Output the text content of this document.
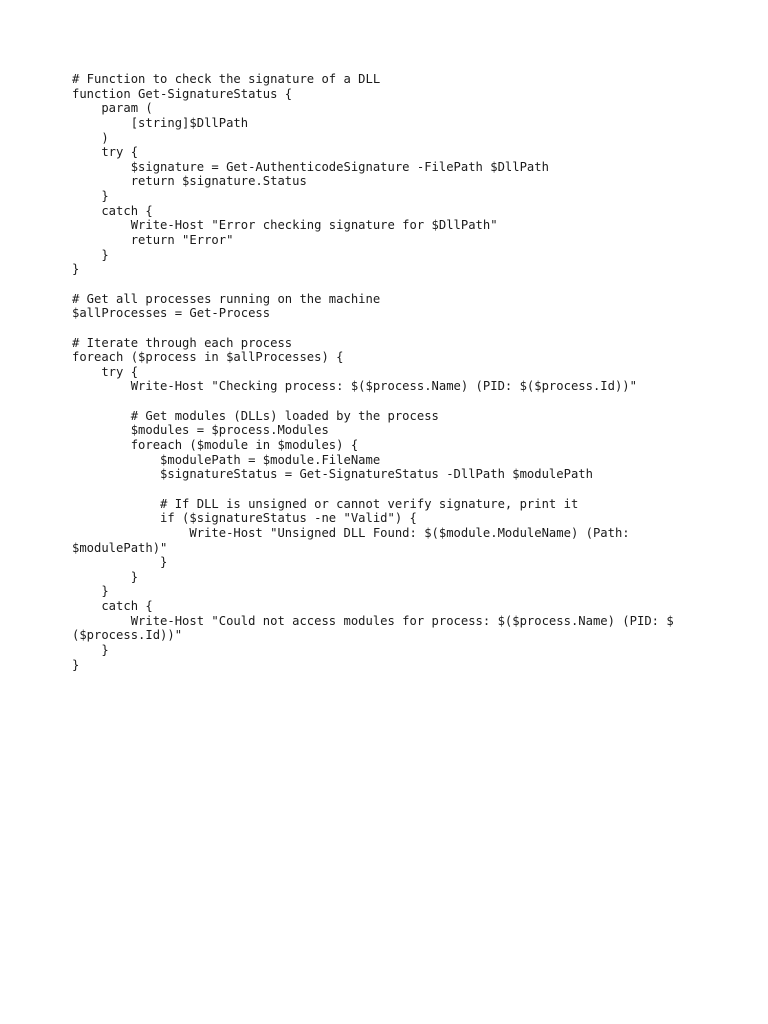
# Function to check the signature of a DLL
function Get-SignatureStatus {
param (
[string]$DllPath
)
try {
$signature = Get-AuthenticodeSignature -FilePath $DllPath
return $signature.Status
}
catch {
Write-Host "Error checking signature for $DllPath"
return "Error"
}
}
# Get all processes running on the machine
$allProcesses = Get-Process
# Iterate through each process
foreach ($process in $allProcesses) {
try {
Write-Host "Checking process: $($process.Name) (PID: $($process.Id))"
# Get modules (DLLs) loaded by the process
$modules = $process.Modules
foreach ($module in $modules) {
$modulePath = $module.FileName
$signatureStatus = Get-SignatureStatus -DllPath $modulePath
# If DLL is unsigned or cannot verify signature, print it
if ($signatureStatus -ne "Valid") {
Write-Host "Unsigned DLL Found: $($module.ModuleName) (Path:
$modulePath)"
}
}
}
catch {
Write-Host "Could not access modules for process: $($process.Name) (PID: $
($process.Id))"
}
}
